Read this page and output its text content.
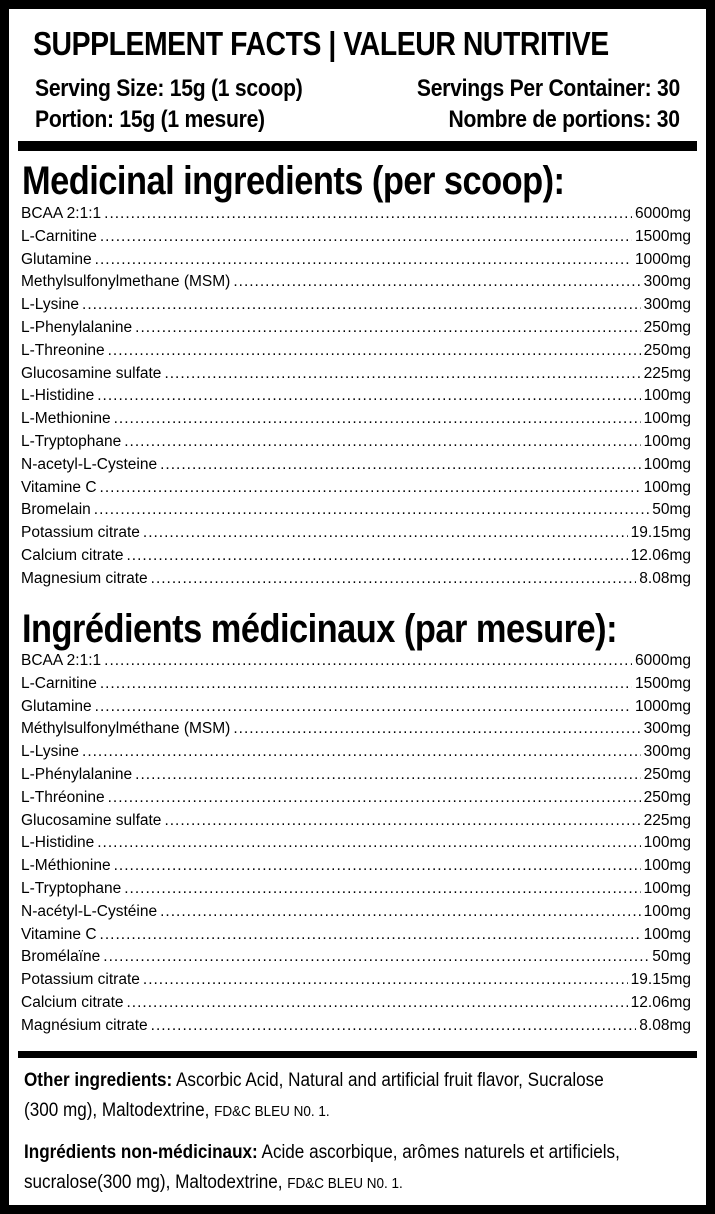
SUPPLEMENT FACTS | VALEUR NUTRITIVE
Serving Size: 15g (1 scoop)	Servings Per Container: 30
Portion: 15g (1 mesure)	Nombre de portions: 30
Medicinal ingredients (per scoop):
BCAA 2:1:1 .....	6000mg
L-Carnitine .....	1500mg
Glutamine .....	1000mg
Methylsulfonylmethane (MSM) .....	300mg
L-Lysine .....	300mg
L-Phenylalanine .....	250mg
L-Threonine .....	250mg
Glucosamine sulfate .....	225mg
L-Histidine .....	100mg
L-Methionine .....	100mg
L-Tryptophane .....	100mg
N-acetyl-L-Cysteine .....	100mg
Vitamine C .....	100mg
Bromelain .....	50mg
Potassium citrate .....	19.15mg
Calcium citrate .....	12.06mg
Magnesium citrate .....	8.08mg
Ingrédients médicinaux (par mesure):
BCAA 2:1:1 .....	6000mg
L-Carnitine .....	1500mg
Glutamine .....	1000mg
Méthylsulfonylméthane (MSM) .....	300mg
L-Lysine .....	300mg
L-Phénylalanine .....	250mg
L-Thréonine .....	250mg
Glucosamine sulfate .....	225mg
L-Histidine .....	100mg
L-Méthionine .....	100mg
L-Tryptophane .....	100mg
N-acétyl-L-Cystéine .....	100mg
Vitamine C .....	100mg
Bromélaïne .....	50mg
Potassium citrate .....	19.15mg
Calcium citrate .....	12.06mg
Magnésium citrate .....	8.08mg
Other ingredients: Ascorbic Acid, Natural and artificial fruit flavor, Sucralose
(300 mg), Maltodextrine, FD&C BLEU N0. 1.
Ingrédients non-médicinaux: Acide ascorbique, arômes naturels et artificiels,
sucralose(300 mg), Maltodextrine, FD&C BLEU N0. 1.
